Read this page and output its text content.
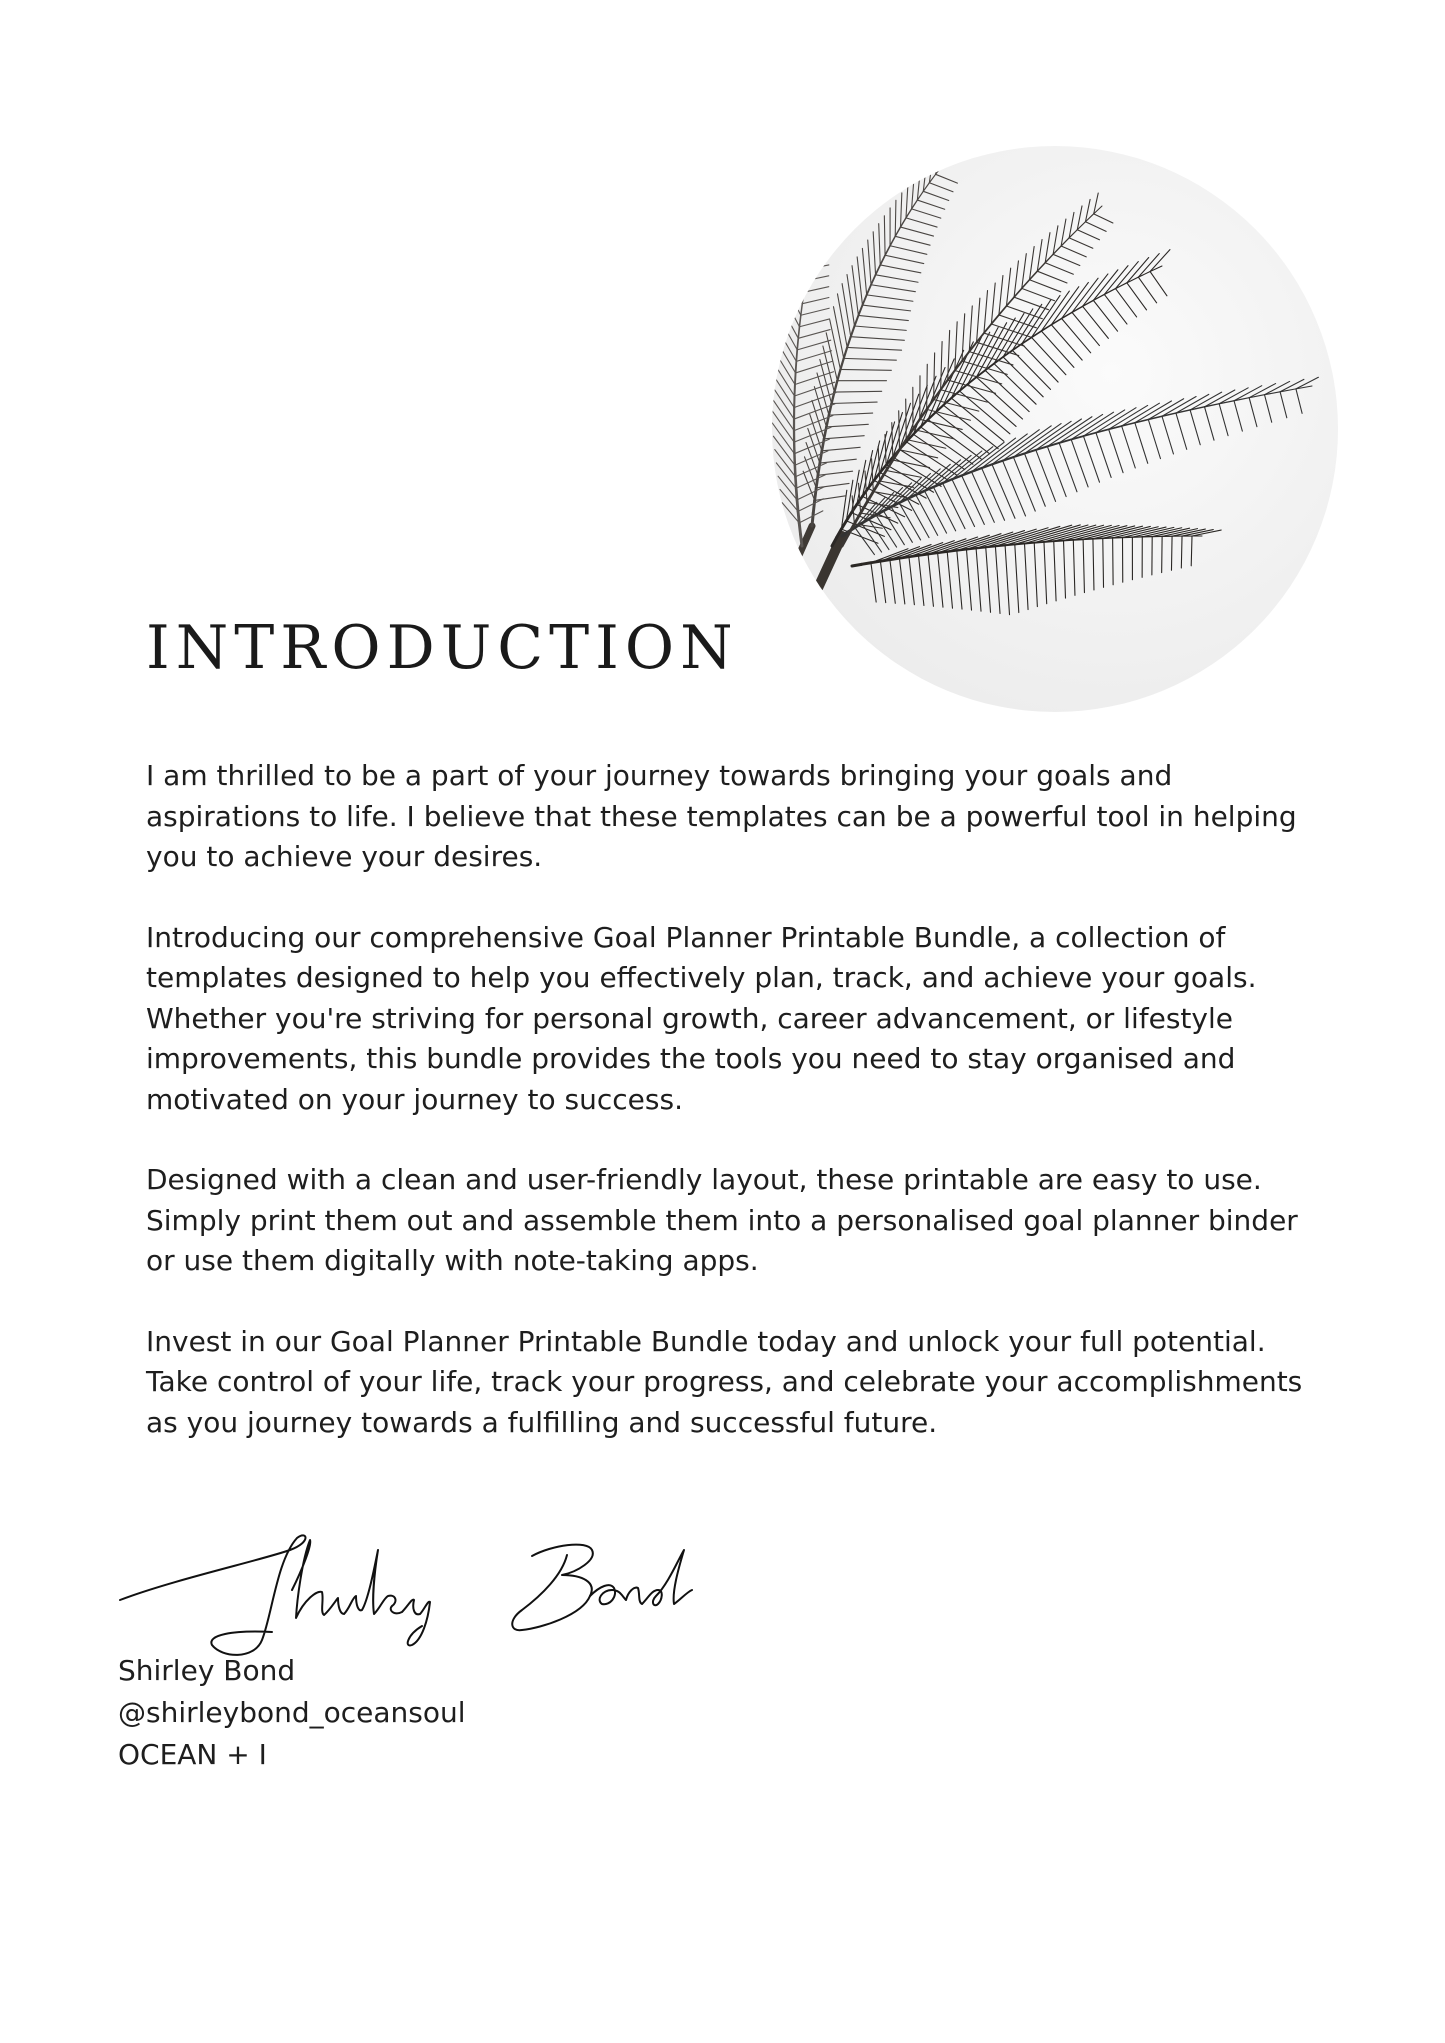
INTRODUCTION

I am thrilled to be a part of your journey towards bringing your goals and aspirations to life. I believe that these templates can be a powerful tool in helping you to achieve your desires.

Introducing our comprehensive Goal Planner Printable Bundle, a collection of templates designed to help you effectively plan, track, and achieve your goals. Whether you're striving for personal growth, career advancement, or lifestyle improvements, this bundle provides the tools you need to stay organised and motivated on your journey to success.

Designed with a clean and user-friendly layout, these printable are easy to use. Simply print them out and assemble them into a personalised goal planner binder or use them digitally with note-taking apps.

Invest in our Goal Planner Printable Bundle today and unlock your full potential. Take control of your life, track your progress, and celebrate your accomplishments as you journey towards a fulfilling and successful future.

Shirley Bond
@shirleybond_oceansoul
OCEAN + I
